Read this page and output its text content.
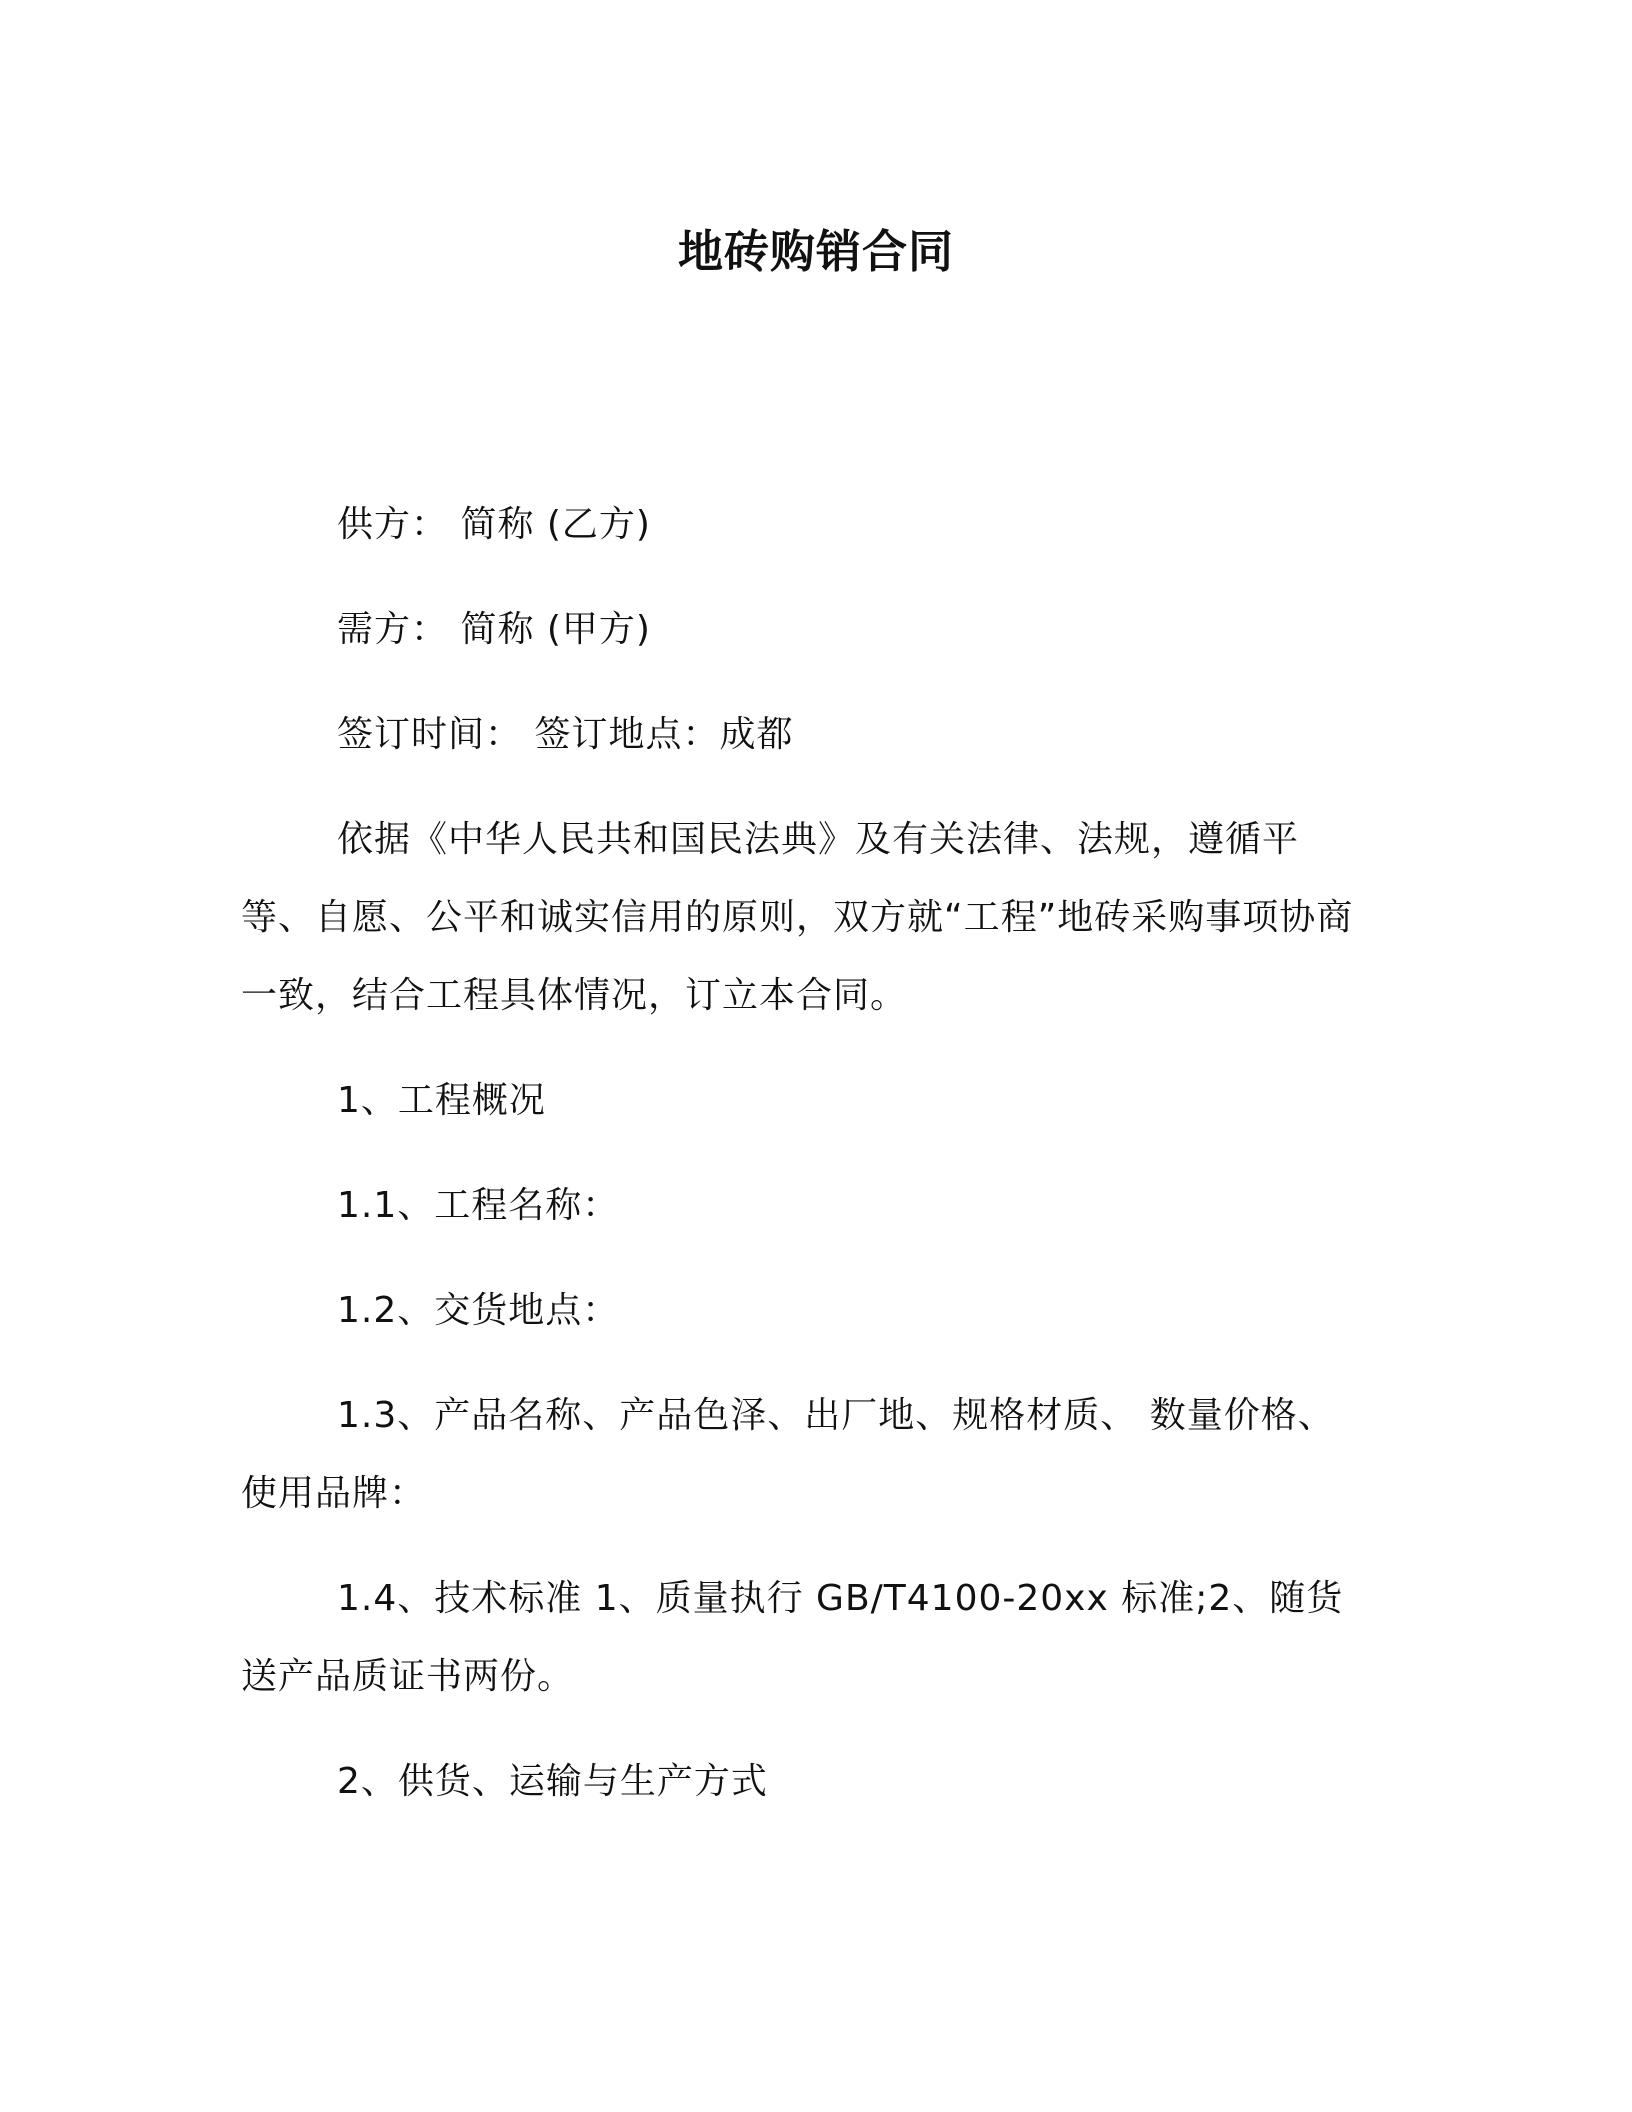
地砖购销合同

供方： 简称 (乙方)

需方： 简称 (甲方)

签订时间： 签订地点：成都

依据《中华人民共和国民法典》及有关法律、法规，遵循平等、自愿、公平和诚实信用的原则，双方就“工程”地砖采购事项协商一致，结合工程具体情况，订立本合同。

1、工程概况

1.1、工程名称：

1.2、交货地点：

1.3、产品名称、产品色泽、出厂地、规格材质、 数量价格、使用品牌：

1.4、技术标准 1、质量执行 GB/T4100-20xx 标准;2、随货送产品质证书两份。

2、供货、运输与生产方式
